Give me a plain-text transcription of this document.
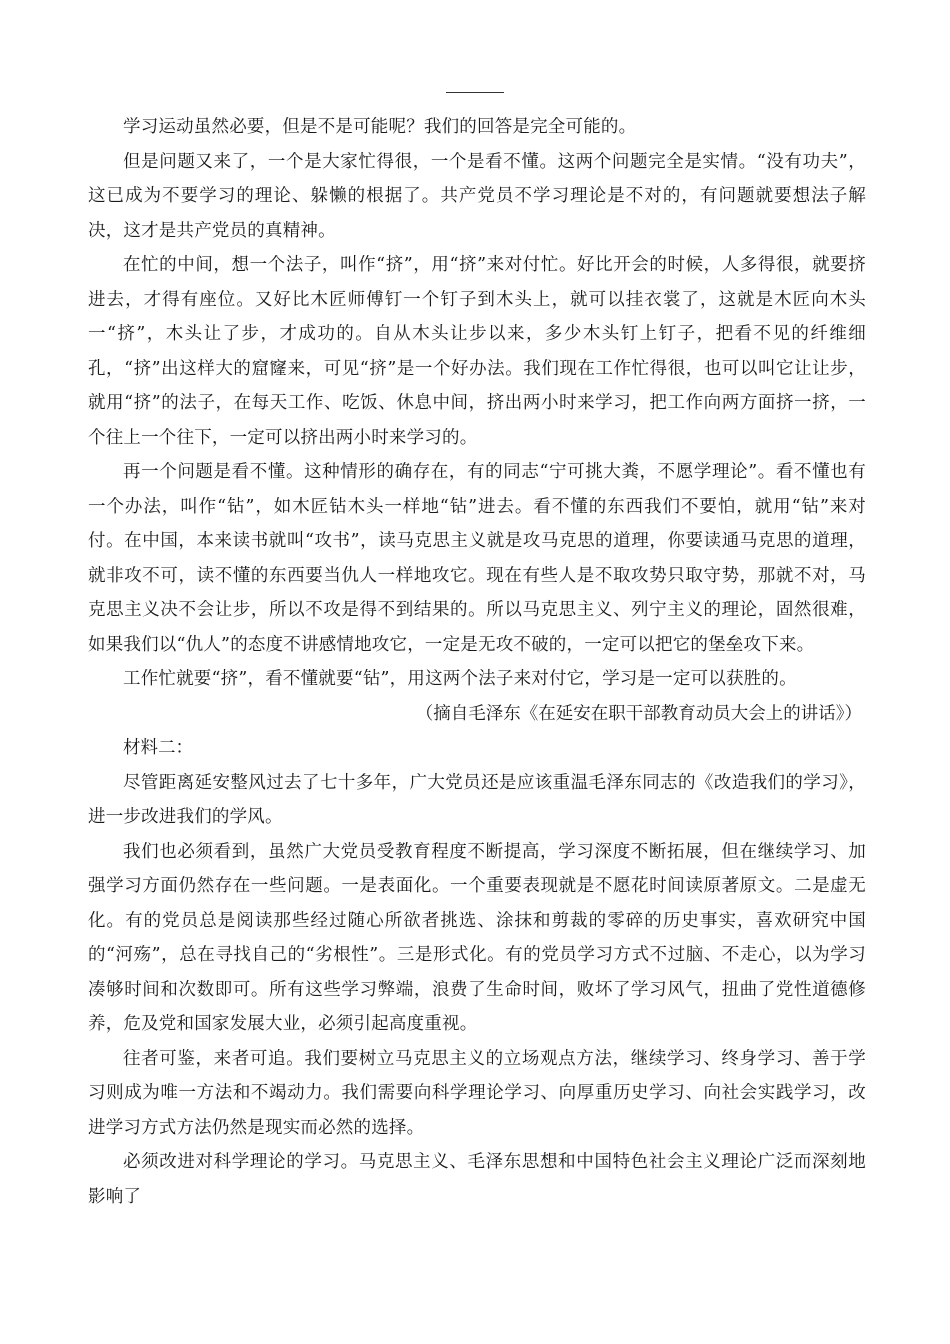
学习运动虽然必要，但是不是可能呢？我们的回答是完全可能的。

但是问题又来了，一个是大家忙得很，一个是看不懂。这两个问题完全是实情。“没有功夫”，这已成为不要学习的理论、躲懒的根据了。共产党员不学习理论是不对的，有问题就要想法子解决，这才是共产党员的真精神。

在忙的中间，想一个法子，叫作“挤”，用“挤”来对付忙。好比开会的时候，人多得很，就要挤进去，才得有座位。又好比木匠师傅钉一个钉子到木头上，就可以挂衣裳了，这就是木匠向木头一“挤”，木头让了步，才成功的。自从木头让步以来，多少木头钉上钉子，把看不见的纤维细孔，“挤”出这样大的窟窿来，可见“挤”是一个好办法。我们现在工作忙得很，也可以叫它让让步，就用“挤”的法子，在每天工作、吃饭、休息中间，挤出两小时来学习，把工作向两方面挤一挤，一个往上一个往下，一定可以挤出两小时来学习的。

再一个问题是看不懂。这种情形的确存在，有的同志“宁可挑大粪，不愿学理论”。看不懂也有一个办法，叫作“钻”，如木匠钻木头一样地“钻”进去。看不懂的东西我们不要怕，就用“钻”来对付。在中国，本来读书就叫“攻书”，读马克思主义就是攻马克思的道理，你要读通马克思的道理，就非攻不可，读不懂的东西要当仇人一样地攻它。现在有些人是不取攻势只取守势，那就不对，马克思主义决不会让步，所以不攻是得不到结果的。所以马克思主义、列宁主义的理论，固然很难，如果我们以“仇人”的态度不讲感情地攻它，一定是无攻不破的，一定可以把它的堡垒攻下来。

工作忙就要“挤”，看不懂就要“钻”，用这两个法子来对付它，学习是一定可以获胜的。

（摘自毛泽东《在延安在职干部教育动员大会上的讲话》）

材料二：

尽管距离延安整风过去了七十多年，广大党员还是应该重温毛泽东同志的《改造我们的学习》，进一步改进我们的学风。

我们也必须看到，虽然广大党员受教育程度不断提高，学习深度不断拓展，但在继续学习、加强学习方面仍然存在一些问题。一是表面化。一个重要表现就是不愿花时间读原著原文。二是虚无化。有的党员总是阅读那些经过随心所欲者挑选、涂抹和剪裁的零碎的历史事实，喜欢研究中国的“河殇”，总在寻找自己的“劣根性”。三是形式化。有的党员学习方式不过脑、不走心，以为学习凑够时间和次数即可。所有这些学习弊端，浪费了生命时间，败坏了学习风气，扭曲了党性道德修养，危及党和国家发展大业，必须引起高度重视。

往者可鉴，来者可追。我们要树立马克思主义的立场观点方法，继续学习、终身学习、善于学习则成为唯一方法和不竭动力。我们需要向科学理论学习、向厚重历史学习、向社会实践学习，改进学习方式方法仍然是现实而必然的选择。

必须改进对科学理论的学习。马克思主义、毛泽东思想和中国特色社会主义理论广泛而深刻地影响了
